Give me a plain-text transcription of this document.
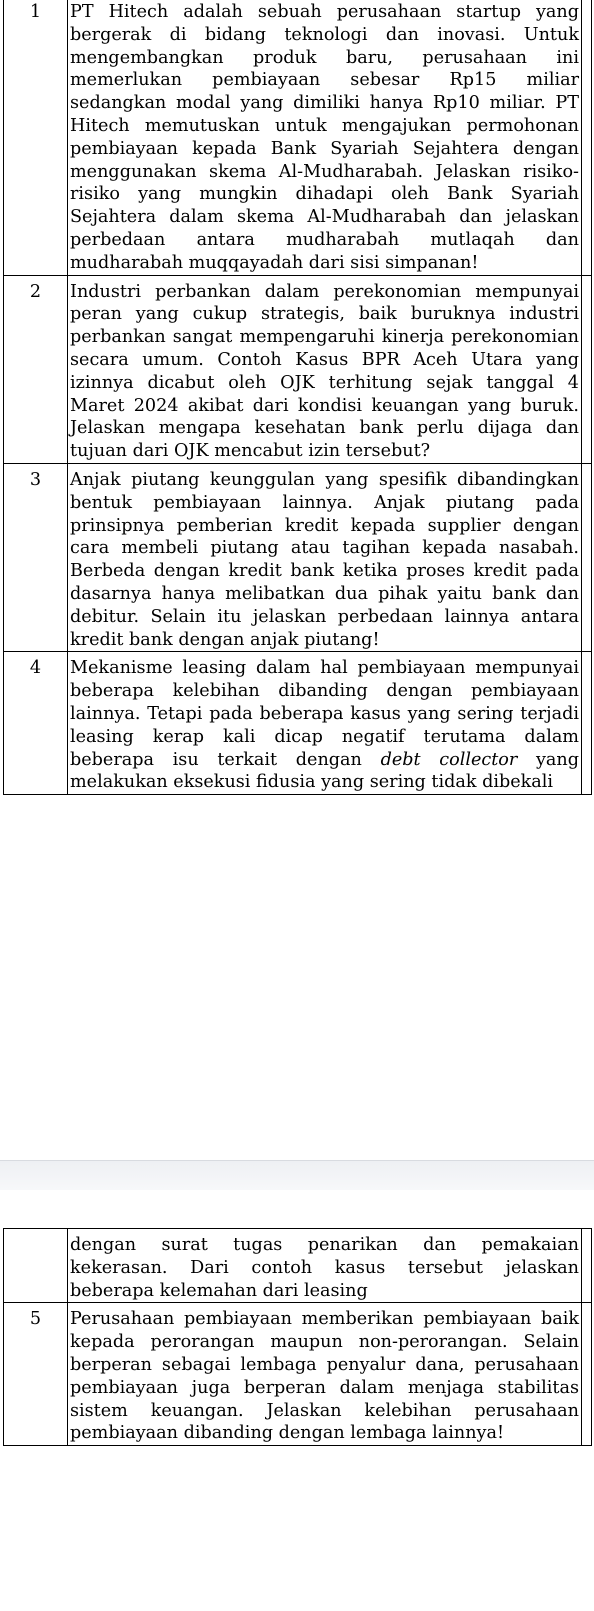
1	PT Hitech adalah sebuah perusahaan startup yang bergerak di bidang teknologi dan inovasi. Untuk mengembangkan produk baru, perusahaan ini memerlukan pembiayaan sebesar Rp15 miliar sedangkan modal yang dimiliki hanya Rp10 miliar. PT Hitech memutuskan untuk mengajukan permohonan pembiayaan kepada Bank Syariah Sejahtera dengan menggunakan skema Al-Mudharabah. Jelaskan risiko-risiko yang mungkin dihadapi oleh Bank Syariah Sejahtera dalam skema Al-Mudharabah dan jelaskan perbedaan antara mudharabah mutlaqah dan mudharabah muqqayadah dari sisi simpanan!	
2	Industri perbankan dalam perekonomian mempunyai peran yang cukup strategis, baik buruknya industri perbankan sangat mempengaruhi kinerja perekonomian secara umum. Contoh Kasus BPR Aceh Utara yang izinnya dicabut oleh OJK terhitung sejak tanggal 4 Maret 2024 akibat dari kondisi keuangan yang buruk. Jelaskan mengapa kesehatan bank perlu dijaga dan tujuan dari OJK mencabut izin tersebut?	
3	Anjak piutang keunggulan yang spesifik dibandingkan bentuk pembiayaan lainnya. Anjak piutang pada prinsipnya pemberian kredit kepada supplier dengan cara membeli piutang atau tagihan kepada nasabah. Berbeda dengan kredit bank ketika proses kredit pada dasarnya hanya melibatkan dua pihak yaitu bank dan debitur. Selain itu jelaskan perbedaan lainnya antara kredit bank dengan anjak piutang!	
4	Mekanisme leasing dalam hal pembiayaan mempunyai beberapa kelebihan dibanding dengan pembiayaan lainnya. Tetapi pada beberapa kasus yang sering terjadi leasing kerap kali dicap negatif terutama dalam beberapa isu terkait dengan debt collector yang melakukan eksekusi fidusia yang sering tidak dibekali	
	dengan surat tugas penarikan dan pemakaian kekerasan. Dari contoh kasus tersebut jelaskan beberapa kelemahan dari leasing	
5	Perusahaan pembiayaan memberikan pembiayaan baik kepada perorangan maupun non-perorangan. Selain berperan sebagai lembaga penyalur dana, perusahaan pembiayaan juga berperan dalam menjaga stabilitas sistem keuangan. Jelaskan kelebihan perusahaan pembiayaan dibanding dengan lembaga lainnya!	
